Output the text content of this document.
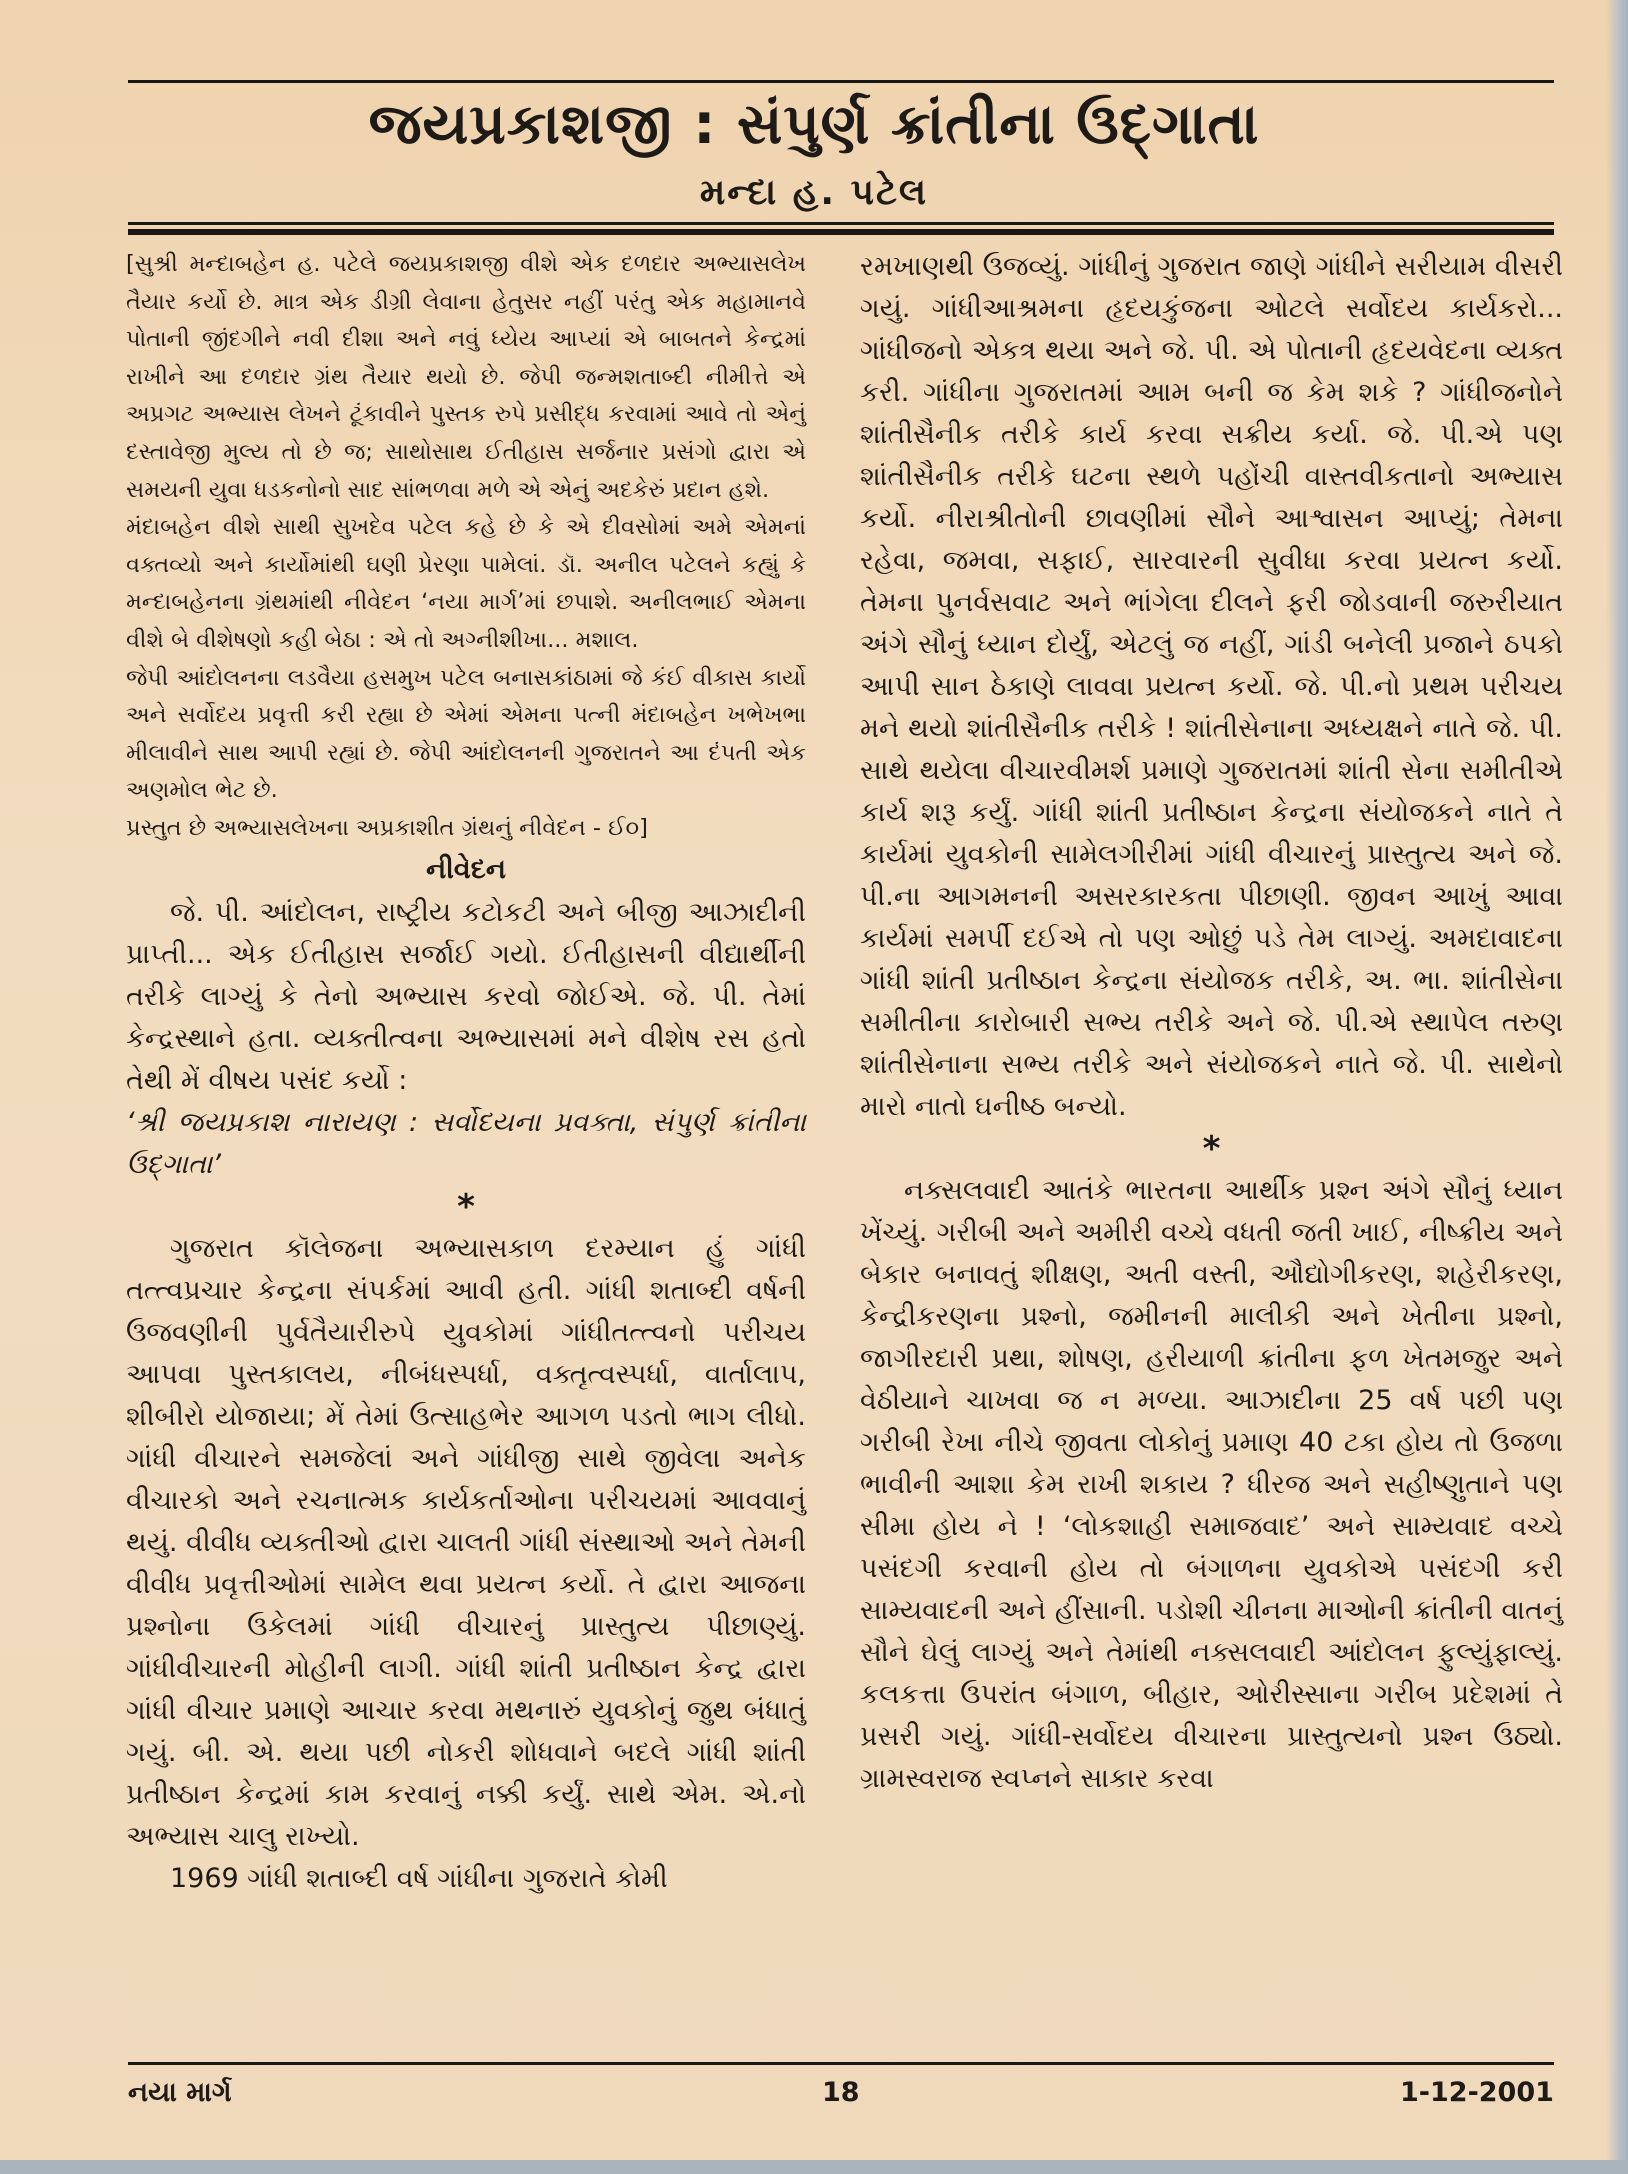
જયપ્રકાશજી : સંપુર્ણ ક્રાંતીના ઉદ્‌ગાતા
મન્દા હ. પટેલ

[સુશ્રી મન્દાબહેન હ. પટેલે જયપ્રકાશજી વીશે એક દળદાર અભ્યાસલેખ તૈયાર કર્યો છે. માત્ર એક ડીગ્રી લેવાના હેતુસર નહીં પરંતુ એક મહામાનવે પોતાની જીંદગીને નવી દીશા અને નવું ધ્યેય આપ્યાં એ બાબતને કેન્દ્રમાં રાખીને આ દળદાર ગ્રંથ તૈયાર થયો છે. જેપી જન્મશતાબ્દી નીમીત્તે એ અપ્રગટ અભ્યાસ લેખને ટૂંકાવીને પુસ્તક રુપે પ્રસીદ્ધ કરવામાં આવે તો એનું દસ્તાવેજી મુલ્ય તો છે જ; સાથોસાથ ઈતીહાસ સર્જનાર પ્રસંગો દ્વારા એ સમયની યુવા ધડકનોનો સાદ સાંભળવા મળે એ એનું અદકેરું પ્રદાન હશે.

મંદાબહેન વીશે સાથી સુખદેવ પટેલ કહે છે કે એ દીવસોમાં અમે એમનાં વક્તવ્યો અને કાર્યોમાંથી ઘણી પ્રેરણા પામેલાં. ડૉ. અનીલ પટેલને કહ્યું કે મન્દાબહેનના ગ્રંથમાંથી નીવેદન ‘નયા માર્ગ’માં છપાશે. અનીલભાઈ એમના વીશે બે વીશેષણો કહી બેઠા : એ તો અગ્નીશીખા... મશાલ.

જેપી આંદોલનના લડવૈયા હસમુખ પટેલ બનાસકાંઠામાં જે કંઈ વીકાસ કાર્યો અને સર્વોદય પ્રવૃત્તી કરી રહ્યા છે એમાં એમના પત્ની મંદાબહેન ખભેખભા મીલાવીને સાથ આપી રહ્યાં છે. જેપી આંદોલનની ગુજરાતને આ દંપતી એક અણમોલ ભેટ છે.

પ્રસ્તુત છે અભ્યાસલેખના અપ્રકાશીત ગ્રંથનું નીવેદન - ઈ૦]

નીવેદન

જે. પી. આંદોલન, રાષ્ટ્રીય કટોકટી અને બીજી આઝાદીની પ્રાપ્તી... એક ઈતીહાસ સર્જાઈ ગયો. ઈતીહાસની વીદ્યાર્થીની તરીકે લાગ્યું કે તેનો અભ્યાસ કરવો જોઈએ. જે. પી. તેમાં કેન્દ્રસ્થાને હતા. વ્યક્તીત્વના અભ્યાસમાં મને વીશેષ રસ હતો તેથી મેં વીષય પસંદ કર્યો :

‘શ્રી જયપ્રકાશ નારાયણ : સર્વોદયના પ્રવક્તા, સંપુર્ણ ક્રાંતીના ઉદ્‌ગાતા’

*

ગુજરાત કૉલેજના અભ્યાસકાળ દરમ્યાન હું ગાંધી તત્ત્વપ્રચાર કેન્દ્રના સંપર્કમાં આવી હતી. ગાંધી શતાબ્દી વર્ષની ઉજવણીની પુર્વતૈયારીરુપે યુવકોમાં ગાંધીતત્ત્વનો પરીચય આપવા પુસ્તકાલય, નીબંધસ્પર્ધા, વક્તૃત્વસ્પર્ધા, વાર્તાલાપ, શીબીરો યોજાયા; મેં તેમાં ઉત્સાહભેર આગળ પડતો ભાગ લીધો. ગાંધી વીચારને સમજેલાં અને ગાંધીજી સાથે જીવેલા અનેક વીચારકો અને રચનાત્મક કાર્યકર્તાઓના પરીચયમાં આવવાનું થયું. વીવીધ વ્યક્તીઓ દ્વારા ચાલતી ગાંધી સંસ્થાઓ અને તેમની વીવીધ પ્રવૃત્તીઓમાં સામેલ થવા પ્રયત્ન કર્યો. તે દ્વારા આજના પ્રશ્નોના ઉકેલમાં ગાંધી વીચારનું પ્રાસ્તુત્ય પીછાણ્યું. ગાંધીવીચારની મોહીની લાગી. ગાંધી શાંતી પ્રતીષ્ઠાન કેન્દ્ર દ્વારા ગાંધી વીચાર પ્રમાણે આચાર કરવા મથનારું યુવકોનું જુથ બંધાતું ગયું. બી. એ. થયા પછી નોકરી શોધવાને બદલે ગાંધી શાંતી પ્રતીષ્ઠાન કેન્દ્રમાં કામ કરવાનું નક્કી કર્યું. સાથે એમ. એ.નો અભ્યાસ ચાલુ રાખ્યો.

1969 ગાંધી શતાબ્દી વર્ષ ગાંધીના ગુજરાતે કોમી

રમખાણથી ઉજવ્યું. ગાંધીનું ગુજરાત જાણે ગાંધીને સરીયામ વીસરી ગયું. ગાંધીઆશ્રમના હૃદયકુંજના ઓટલે સર્વોદય કાર્યકરો... ગાંધીજનો એકત્ર થયા અને જે. પી. એ પોતાની હૃદયવેદના વ્યક્ત કરી. ગાંધીના ગુજરાતમાં આમ બની જ કેમ શકે ? ગાંધીજનોને શાંતીસૈનીક તરીકે કાર્ય કરવા સક્રીય કર્યા. જે. પી.એ પણ શાંતીસૈનીક તરીકે ઘટના સ્થળે પહોંચી વાસ્તવીકતાનો અભ્યાસ કર્યો. નીરાશ્રીતોની છાવણીમાં સૌને આશ્વાસન આપ્યું; તેમના રહેવા, જમવા, સફાઈ, સારવારની સુવીધા કરવા પ્રયત્ન કર્યો. તેમના પુનર્વસવાટ અને ભાંગેલા દીલને ફરી જોડવાની જરુરીયાત અંગે સૌનું ધ્યાન દોર્યું, એટલું જ નહીં, ગાંડી બનેલી પ્રજાને ઠપકો આપી સાન ઠેકાણે લાવવા પ્રયત્ન કર્યો. જે. પી.નો પ્રથમ પરીચય મને થયો શાંતીસૈનીક તરીકે ! શાંતીસેનાના અધ્યક્ષને નાતે જે. પી. સાથે થયેલા વીચારવીમર્શ પ્રમાણે ગુજરાતમાં શાંતી સેના સમીતીએ કાર્ય શરૂ કર્યું. ગાંધી શાંતી પ્રતીષ્ઠાન કેન્દ્રના સંયોજકને નાતે તે કાર્યમાં યુવકોની સામેલગીરીમાં ગાંધી વીચારનું પ્રાસ્તુત્ય અને જે. પી.ના આગમનની અસરકારકતા પીછાણી. જીવન આખું આવા કાર્યમાં સમર્પી દઈએ તો પણ ઓછું પડે તેમ લાગ્યું. અમદાવાદના ગાંધી શાંતી પ્રતીષ્ઠાન કેન્દ્રના સંયોજક તરીકે, અ. ભા. શાંતીસેના સમીતીના કારોબારી સભ્ય તરીકે અને જે. પી.એ સ્થાપેલ તરુણ શાંતીસેનાના સભ્ય તરીકે અને સંયોજકને નાતે જે. પી. સાથેનો મારો નાતો ઘનીષ્ઠ બન્યો.

*

નક્સલવાદી આતંકે ભારતના આર્થીક પ્રશ્ન અંગે સૌનું ધ્યાન ખેંચ્યું. ગરીબી અને અમીરી વચ્ચે વધતી જતી ખાઈ, નીષ્ક્રીય અને બેકાર બનાવતું શીક્ષણ, અતી વસ્તી, ઔદ્યોગીકરણ, શહેરીકરણ, કેન્દ્રીકરણના પ્રશ્નો, જમીનની માલીકી અને ખેતીના પ્રશ્નો, જાગીરદારી પ્રથા, શોષણ, હરીયાળી ક્રાંતીના ફળ ખેતમજુર અને વેઠીયાને ચાખવા જ ન મળ્યા. આઝાદીના 25 વર્ષ પછી પણ ગરીબી રેખા નીચે જીવતા લોકોનું પ્રમાણ 40 ટકા હોય તો ઉજળા ભાવીની આશા કેમ રાખી શકાય ? ધીરજ અને સહીષ્ણુતાને પણ સીમા હોય ને ! ‘લોકશાહી સમાજવાદ’ અને સામ્યવાદ વચ્ચે પસંદગી કરવાની હોય તો બંગાળના યુવકોએ પસંદગી કરી સામ્યવાદની અને હીંસાની. પડોશી ચીનના માઓની ક્રાંતીની વાતનું સૌને ઘેલું લાગ્યું અને તેમાંથી નક્સલવાદી આંદોલન ફુલ્યુંફાલ્યું. કલકત્તા ઉપરાંત બંગાળ, બીહાર, ઓરીસ્સાના ગરીબ પ્રદેશમાં તે પ્રસરી ગયું. ગાંધી-સર્વોદય વીચારના પ્રાસ્તુત્યનો પ્રશ્ન ઉઠ્યો. ગ્રામસ્વરાજ સ્વપ્નને સાકાર કરવા

નયા માર્ગ	18	1-12-2001
